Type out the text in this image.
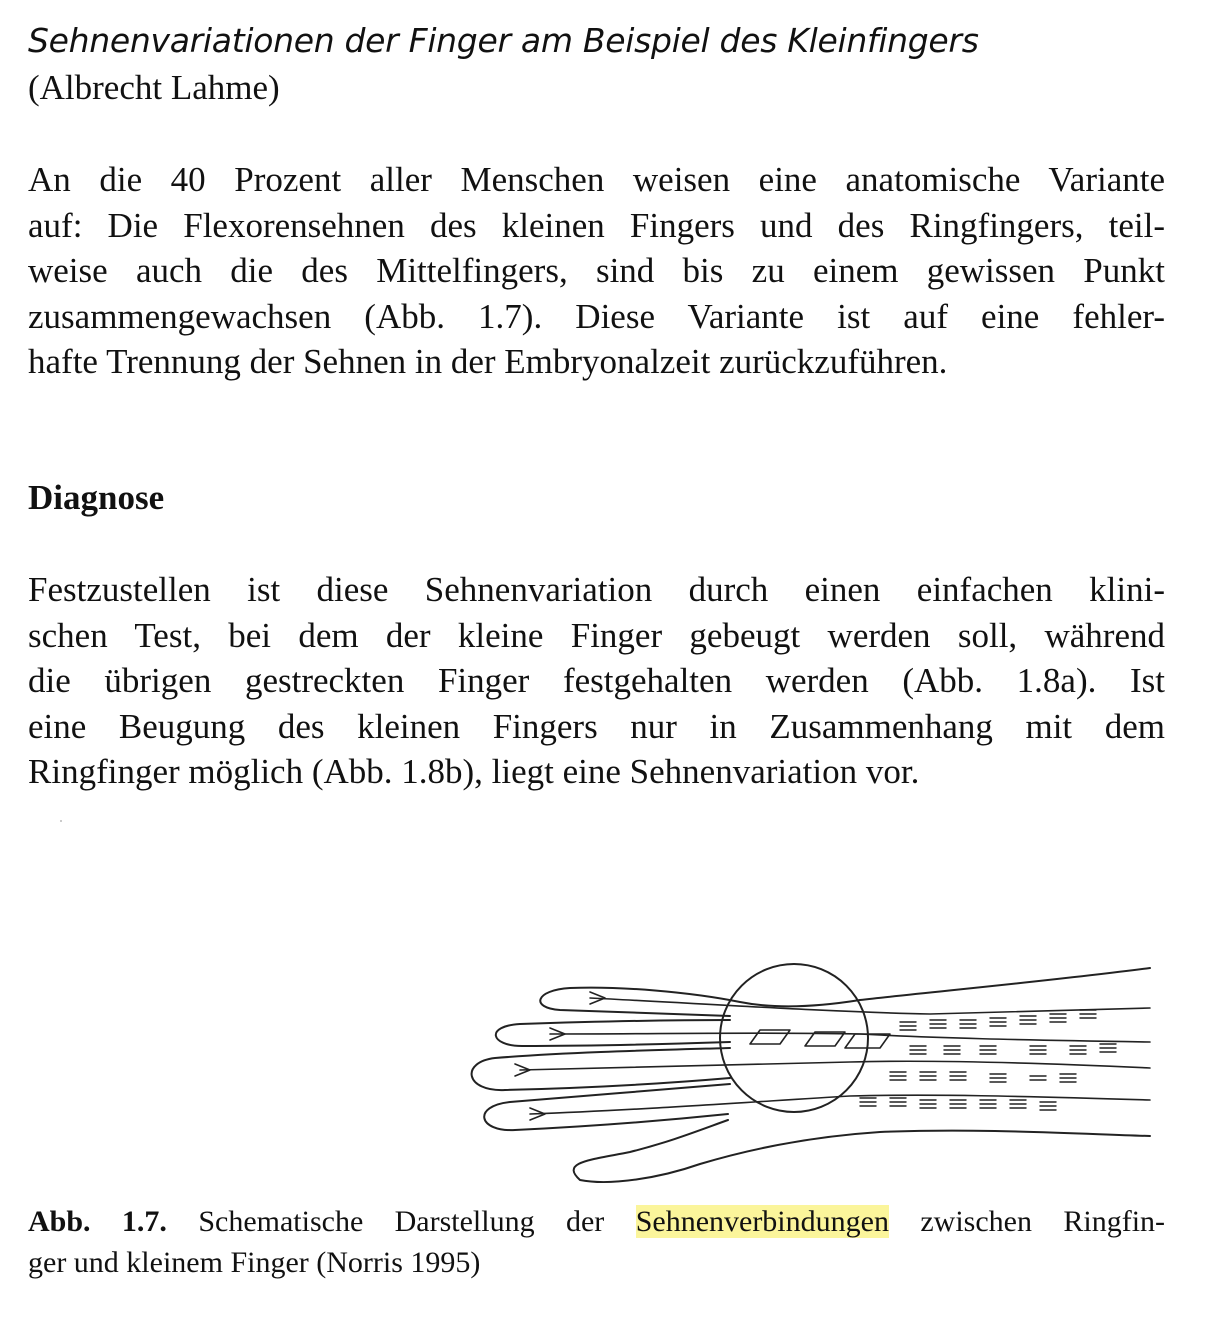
Sehnenvariationen der Finger am Beispiel des Kleinfingers
(Albrecht Lahme)
An die 40 Prozent aller Menschen weisen eine anatomische Variante
auf: Die Flexorensehnen des kleinen Fingers und des Ringfingers, teil-
weise auch die des Mittelfingers, sind bis zu einem gewissen Punkt
zusammengewachsen (Abb. 1.7). Diese Variante ist auf eine fehler-
hafte Trennung der Sehnen in der Embryonalzeit zurückzuführen.
Diagnose
Festzustellen ist diese Sehnenvariation durch einen einfachen klini-
schen Test, bei dem der kleine Finger gebeugt werden soll, während
die übrigen gestreckten Finger festgehalten werden (Abb. 1.8a). Ist
eine Beugung des kleinen Fingers nur in Zusammenhang mit dem
Ringfinger möglich (Abb. 1.8b), liegt eine Sehnenvariation vor.
Abb. 1.7. Schematische Darstellung der Sehnenverbindungen zwischen Ringfin-
ger und kleinem Finger (Norris 1995)
